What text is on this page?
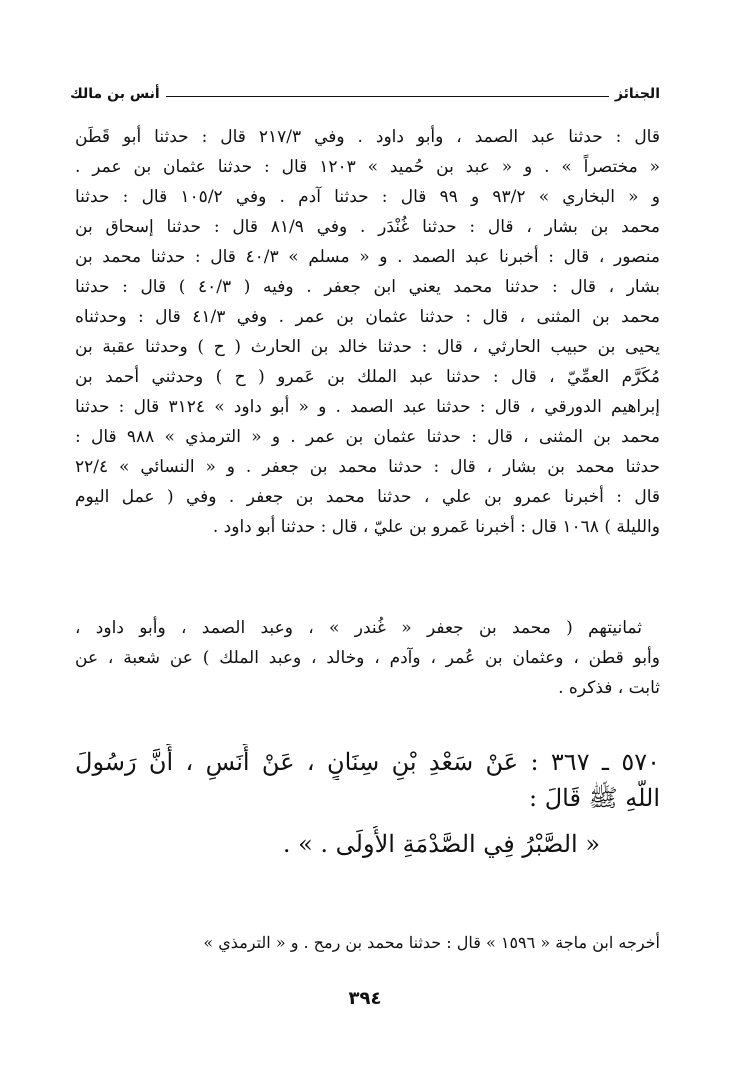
الجنائز
أنس بن مالك
قال : حدثنا عبد الصمد ، وأبو داود . وفي ٢١٧/٣ قال : حدثنا أبو قَطَن
« مختصراً » . و « عبد بن حُميد » ١٢٠٣ قال : حدثنا عثمان بن عمر .
و « البخاري » ٩٣/٢ و ٩٩ قال : حدثنا آدم . وفي ١٠٥/٢ قال : حدثنا
محمد بن بشار ، قال : حدثنا غُنْدَر . وفي ٨١/٩ قال : حدثنا إسحاق بن
منصور ، قال : أخبرنا عبد الصمد . و « مسلم » ٤٠/٣ قال : حدثنا محمد بن
بشار ، قال : حدثنا محمد يعني ابن جعفر . وفيه ( ٤٠/٣ ) قال : حدثنا
محمد بن المثنى ، قال : حدثنا عثمان بن عمر . وفي ٤١/٣ قال : وحدثناه
يحيى بن حبيب الحارثي ، قال : حدثنا خالد بن الحارث ( ح ) وحدثنا عقبة بن
مُكَرَّم العمِّيّ ، قال : حدثنا عبد الملك بن عَمرو ( ح ) وحدثني أحمد بن
إبراهيم الدورقي ، قال : حدثنا عبد الصمد . و « أبو داود » ٣١٢٤ قال : حدثنا
محمد بن المثنى ، قال : حدثنا عثمان بن عمر . و « الترمذي » ٩٨٨ قال :
حدثنا محمد بن بشار ، قال : حدثنا محمد بن جعفر . و « النسائي » ٢٢/٤
قال : أخبرنا عمرو بن علي ، حدثنا محمد بن جعفر . وفي ( عمل اليوم
والليلة ) ١٠٦٨ قال : أخبرنا عَمرو بن عليّ ، قال : حدثنا أبو داود .
ثمانيتهم ( محمد بن جعفر « غُندر » ، وعبد الصمد ، وأبو داود ،
وأبو قطن ، وعثمان بن عُمر ، وآدم ، وخالد ، وعبد الملك ) عن شعبة ، عن
ثابت ، فذكره .
٥٧٠ ـ ٣٦٧ : عَنْ سَعْدِ بْنِ سِنَانٍ ، عَنْ أَنَسٍ ، أَنَّ رَسُولَ
اللَّهِ ﷺ قَالَ :
« الصَّبْرُ فِي الصَّدْمَةِ الأُولَى . » .
أخرجه ابن ماجة « ١٥٩٦ » قال : حدثنا محمد بن رمح . و « الترمذي »
٣٩٤
